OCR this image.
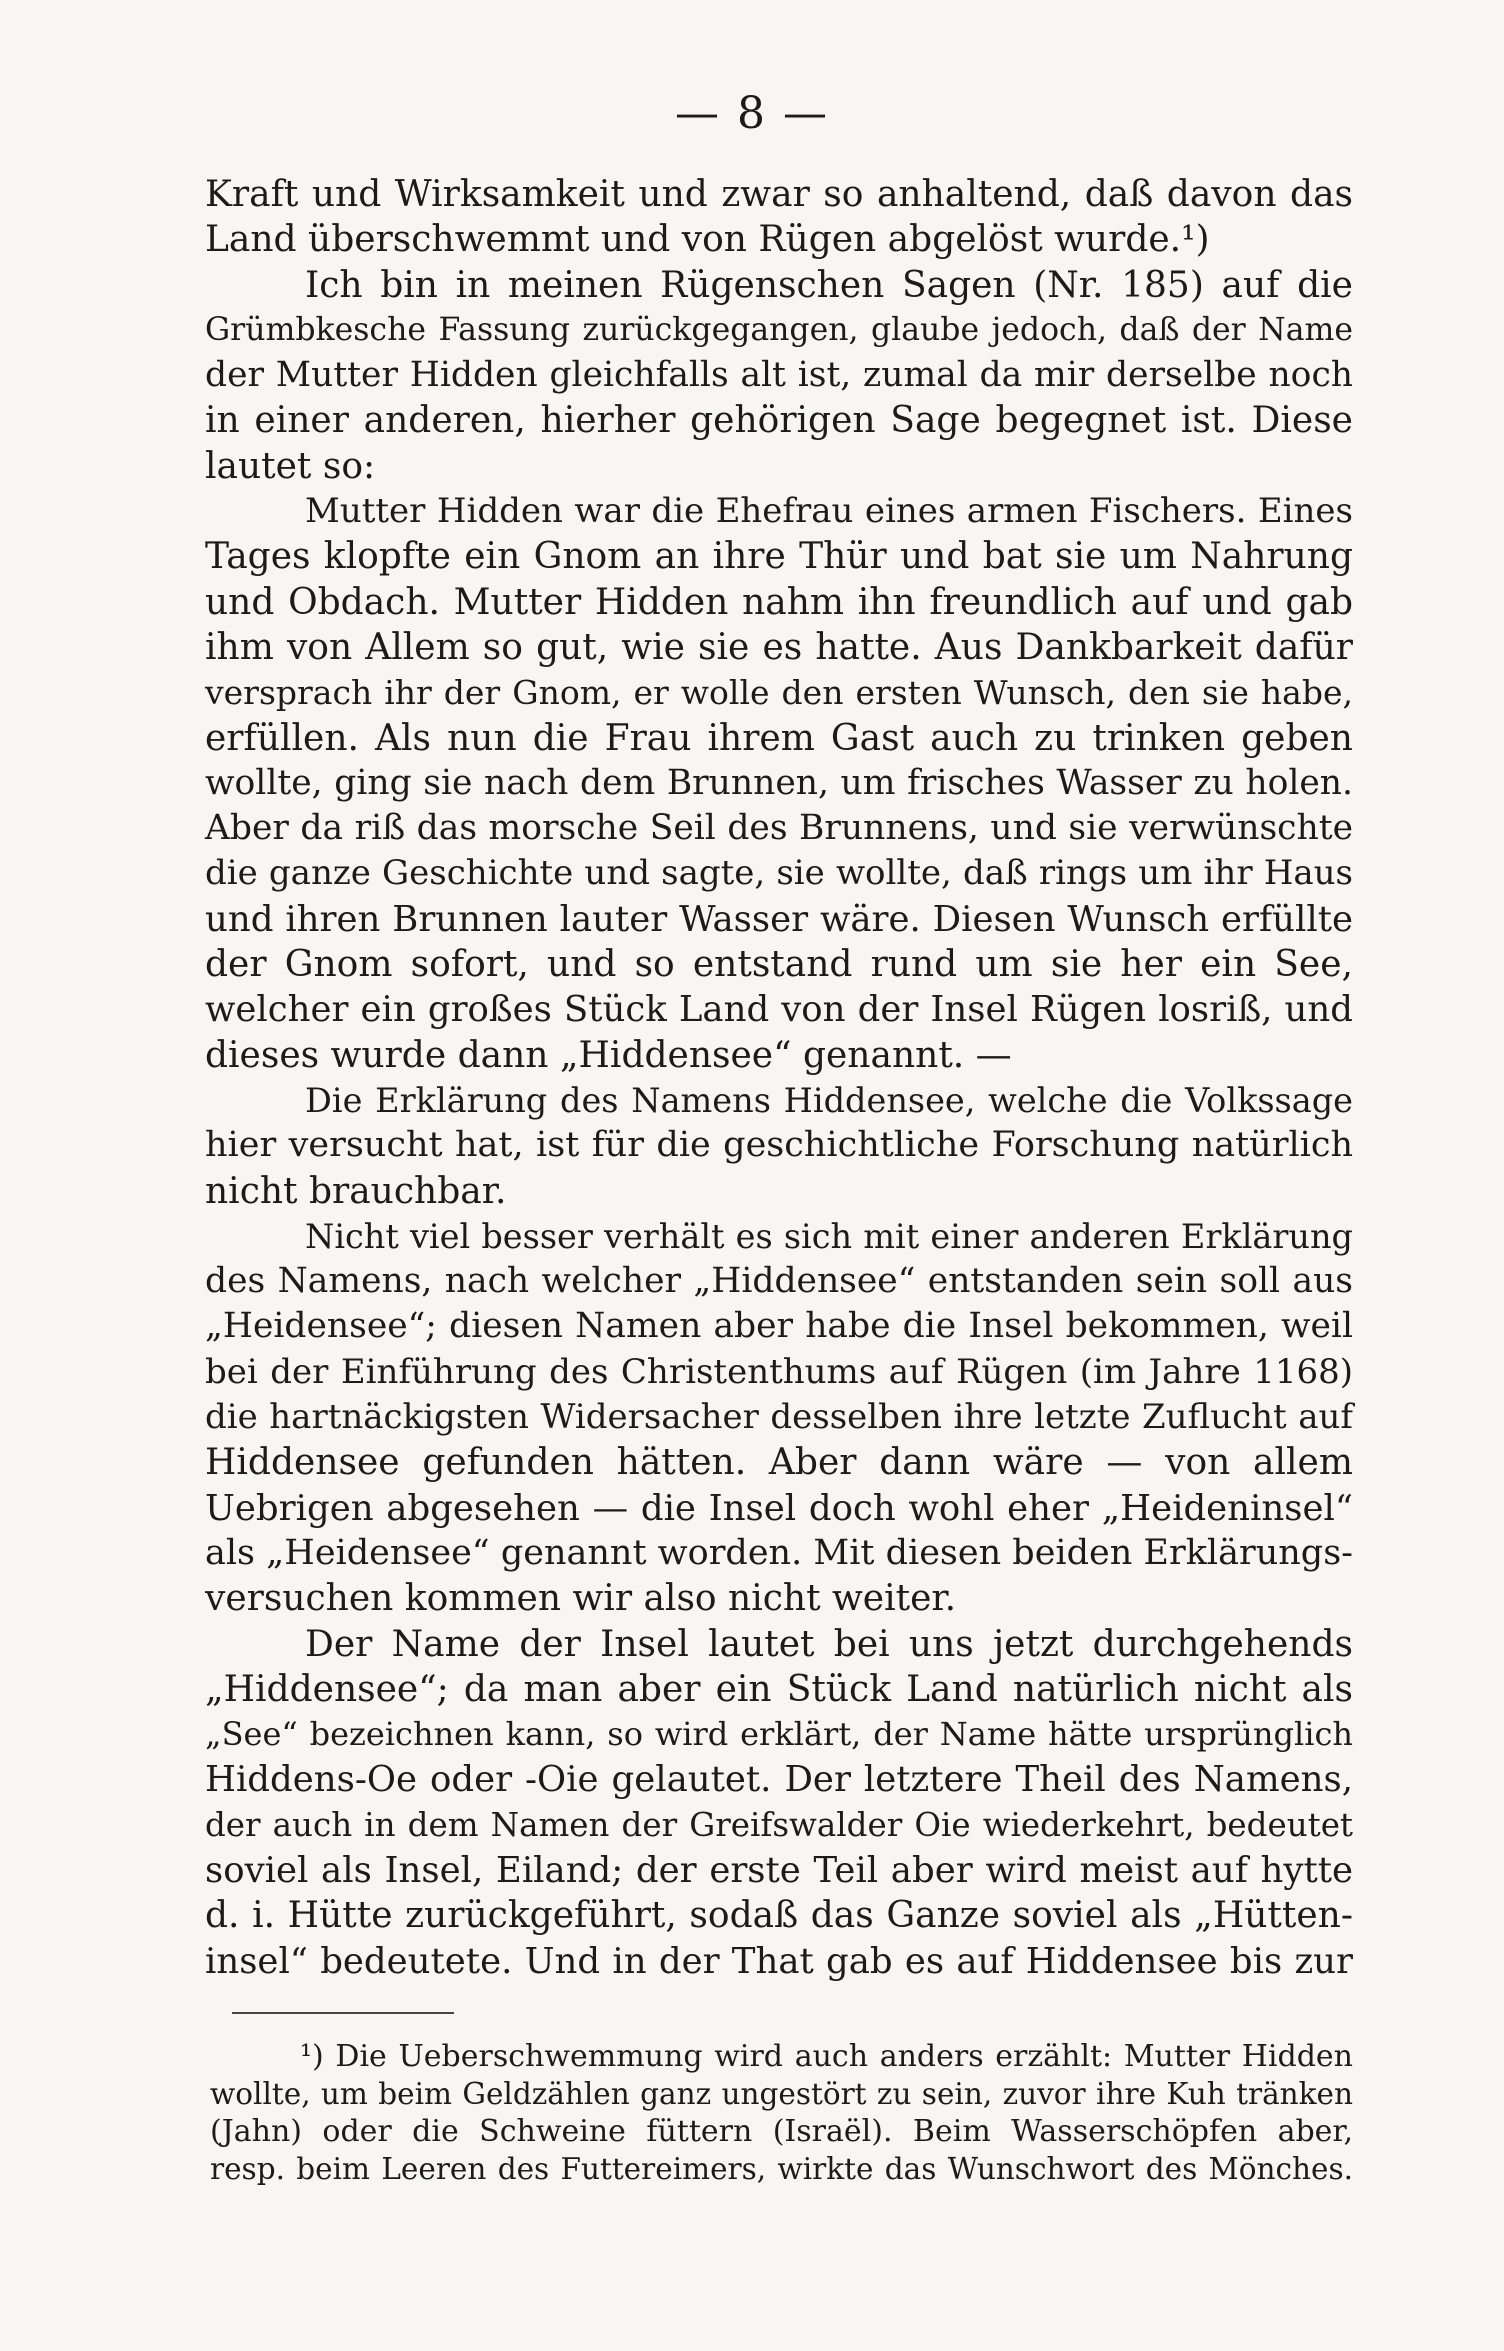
— 8 —
Kraft und Wirksamkeit und zwar so anhaltend, daß davon das
Land überschwemmt und von Rügen abgelöst wurde.¹)
Ich bin in meinen Rügenschen Sagen (Nr. 185) auf die
Grümbkesche Fassung zurückgegangen, glaube jedoch, daß der Name
der Mutter Hidden gleichfalls alt ist, zumal da mir derselbe noch
in einer anderen, hierher gehörigen Sage begegnet ist. Diese
lautet so:
Mutter Hidden war die Ehefrau eines armen Fischers. Eines
Tages klopfte ein Gnom an ihre Thür und bat sie um Nahrung
und Obdach. Mutter Hidden nahm ihn freundlich auf und gab
ihm von Allem so gut, wie sie es hatte. Aus Dankbarkeit dafür
versprach ihr der Gnom, er wolle den ersten Wunsch, den sie habe,
erfüllen. Als nun die Frau ihrem Gast auch zu trinken geben
wollte, ging sie nach dem Brunnen, um frisches Wasser zu holen.
Aber da riß das morsche Seil des Brunnens, und sie verwünschte
die ganze Geschichte und sagte, sie wollte, daß rings um ihr Haus
und ihren Brunnen lauter Wasser wäre. Diesen Wunsch erfüllte
der Gnom sofort, und so entstand rund um sie her ein See,
welcher ein großes Stück Land von der Insel Rügen losriß, und
dieses wurde dann „Hiddensee“ genannt. —
Die Erklärung des Namens Hiddensee, welche die Volkssage
hier versucht hat, ist für die geschichtliche Forschung natürlich
nicht brauchbar.
Nicht viel besser verhält es sich mit einer anderen Erklärung
des Namens, nach welcher „Hiddensee“ entstanden sein soll aus
„Heidensee“; diesen Namen aber habe die Insel bekommen, weil
bei der Einführung des Christenthums auf Rügen (im Jahre 1168)
die hartnäckigsten Widersacher desselben ihre letzte Zuflucht auf
Hiddensee gefunden hätten. Aber dann wäre — von allem
Uebrigen abgesehen — die Insel doch wohl eher „Heideninsel“
als „Heidensee“ genannt worden. Mit diesen beiden Erklärungs-
versuchen kommen wir also nicht weiter.
Der Name der Insel lautet bei uns jetzt durchgehends
„Hiddensee“; da man aber ein Stück Land natürlich nicht als
„See“ bezeichnen kann, so wird erklärt, der Name hätte ursprünglich
Hiddens-Oe oder -Oie gelautet. Der letztere Theil des Namens,
der auch in dem Namen der Greifswalder Oie wiederkehrt, bedeutet
soviel als Insel, Eiland; der erste Teil aber wird meist auf hytte
d. i. Hütte zurückgeführt, sodaß das Ganze soviel als „Hütten-
insel“ bedeutete. Und in der That gab es auf Hiddensee bis zur
¹) Die Ueberschwemmung wird auch anders erzählt: Mutter Hidden
wollte, um beim Geldzählen ganz ungestört zu sein, zuvor ihre Kuh tränken
(Jahn) oder die Schweine füttern (Israël). Beim Wasserschöpfen aber,
resp. beim Leeren des Futtereimers, wirkte das Wunschwort des Mönches.
